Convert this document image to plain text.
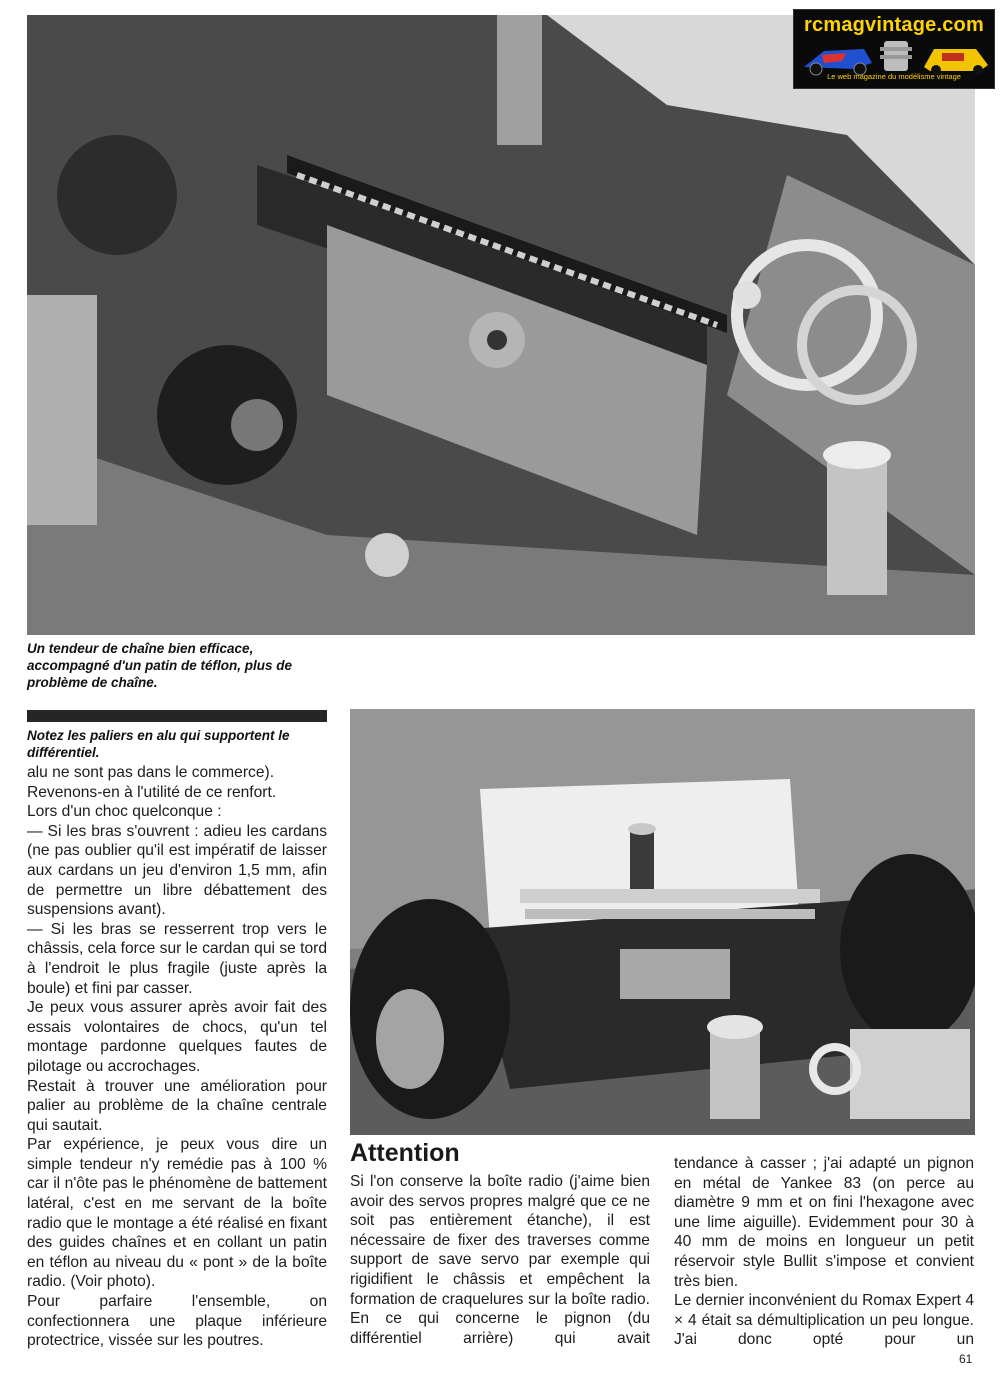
rcmagvintage.com
Le web magazine du modélisme vintage
Un tendeur de chaîne bien efficace, accompagné d'un patin de téflon, plus de problème de chaîne.
Notez les paliers en alu qui supportent le différentiel.

alu ne sont pas dans le commerce).

Revenons-en à l'utilité de ce renfort.

Lors d'un choc quelconque :

— Si les bras s'ouvrent : adieu les cardans (ne pas oublier qu'il est impératif de laisser aux cardans un jeu d'environ 1,5 mm, afin de permettre un libre débattement des suspensions avant).

— Si les bras se resserrent trop vers le châssis, cela force sur le cardan qui se tord à l'endroit le plus fragile (juste après la boule) et fini par casser.

Je peux vous assurer après avoir fait des essais volontaires de chocs, qu'un tel montage pardonne quelques fautes de pilotage ou accrochages.

Restait à trouver une amélioration pour palier au problème de la chaîne centrale qui sautait.

Par expérience, je peux vous dire un simple tendeur n'y remédie pas à 100 % car il n'ôte pas le phénomène de battement latéral, c'est en me servant de la boîte radio que le montage a été réalisé en fixant des guides chaînes et en collant un patin en téflon au niveau du « pont » de la boîte radio. (Voir photo).

Pour parfaire l'ensemble, on confectionnera une plaque inférieure protectrice, vissée sur les poutres.

Attention

Si l'on conserve la boîte radio (j'aime bien avoir des servos propres malgré que ce ne soit pas entièrement étanche), il est nécessaire de fixer des traverses comme support de save servo par exemple qui rigidifient le châssis et empêchent la formation de craquelures sur la boîte radio. En ce qui concerne le pignon (du différentiel arrière) qui avait

tendance à casser ; j'ai adapté un pignon en métal de Yankee 83 (on perce au diamètre 9 mm et on fini l'hexagone avec une lime aiguille). Evidemment pour 30 à 40 mm de moins en longueur un petit réservoir style Bullit s'impose et convient très bien.

Le dernier inconvénient du Romax Expert 4 × 4 était sa démultiplication un peu longue. J'ai donc opté pour un

61
